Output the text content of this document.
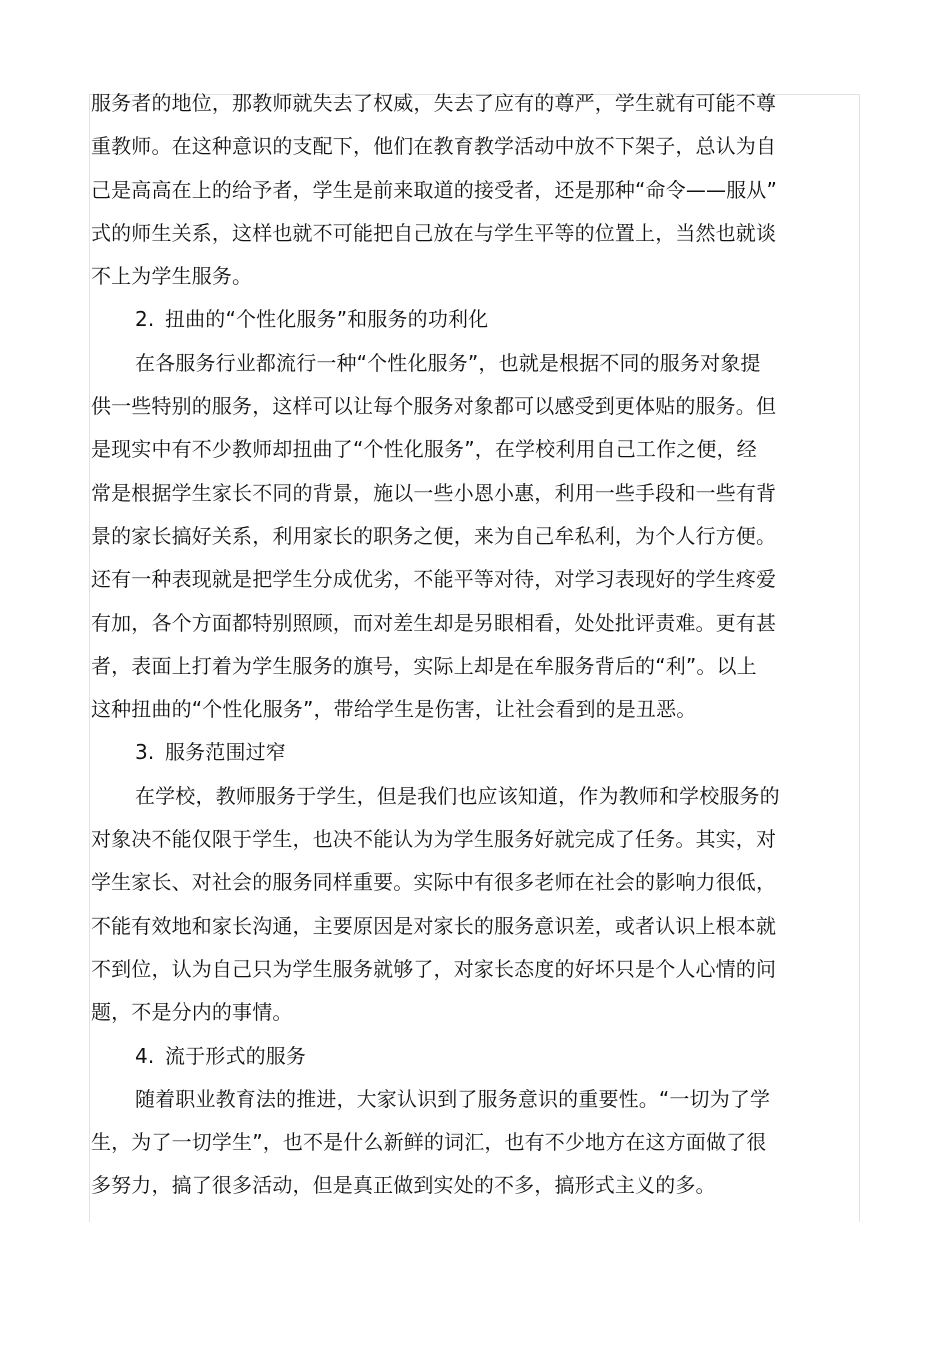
服务者的地位，那教师就失去了权威，失去了应有的尊严，学生就有可能不尊
重教师。在这种意识的支配下，他们在教育教学活动中放不下架子，总认为自
己是高高在上的给予者，学生是前来取道的接受者，还是那种“命令——服从”
式的师生关系，这样也就不可能把自己放在与学生平等的位置上，当然也就谈
不上为学生服务。
2. 扭曲的“个性化服务”和服务的功利化
在各服务行业都流行一种“个性化服务”，也就是根据不同的服务对象提
供一些特别的服务，这样可以让每个服务对象都可以感受到更体贴的服务。但
是现实中有不少教师却扭曲了“个性化服务”，在学校利用自己工作之便，经
常是根据学生家长不同的背景，施以一些小恩小惠，利用一些手段和一些有背
景的家长搞好关系，利用家长的职务之便，来为自己牟私利，为个人行方便。
还有一种表现就是把学生分成优劣，不能平等对待，对学习表现好的学生疼爱
有加，各个方面都特别照顾，而对差生却是另眼相看，处处批评责难。更有甚
者，表面上打着为学生服务的旗号，实际上却是在牟服务背后的“利”。以上
这种扭曲的“个性化服务”，带给学生是伤害，让社会看到的是丑恶。
3. 服务范围过窄
在学校，教师服务于学生，但是我们也应该知道，作为教师和学校服务的
对象决不能仅限于学生，也决不能认为为学生服务好就完成了任务。其实，对
学生家长、对社会的服务同样重要。实际中有很多老师在社会的影响力很低，
不能有效地和家长沟通，主要原因是对家长的服务意识差，或者认识上根本就
不到位，认为自己只为学生服务就够了，对家长态度的好坏只是个人心情的问
题，不是分内的事情。
4. 流于形式的服务
随着职业教育法的推进，大家认识到了服务意识的重要性。“一切为了学
生，为了一切学生”，也不是什么新鲜的词汇，也有不少地方在这方面做了很
多努力，搞了很多活动，但是真正做到实处的不多，搞形式主义的多。
